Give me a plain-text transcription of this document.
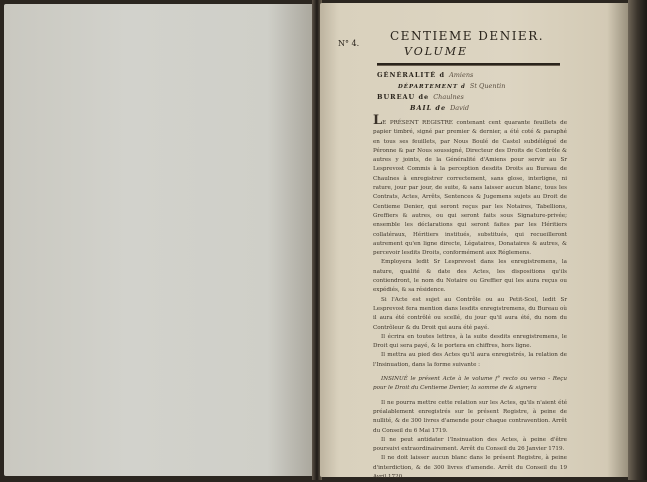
N° 4.
CENTIEME DENIER.
VOLUME
GÉNÉRALITÉ d Amiens
DÉPARTEMENT d St Quentin
BUREAU de Chaulnes
BAIL de David

LE PRÉSENT REGISTRE contenant cent quarante feuillets de papier timbré, signé par premier & dernier, a été coté & paraphé en tous ses feuillets, par Nous Boulé de Castel subdélégué de Péronne & par Nous soussigné, Directeur des Droits de Contrôle & autres y joints, de la Généralité d'Amiens pour servir au Sr Lesprevost Commis à la perception desdits Droits au Bureau de Chaulnes à enregistrer correctement, sans glose, interligne, ni rature, jour par jour, de suite, & sans laisser aucun blanc, tous les Contrats, Actes, Arrêts, Sentences & Jugemens sujets au Droit de Centieme Denier, qui seront reçus par les Notaires, Tabellions, Greffiers & autres, ou qui seront faits sous Signature-privée; ensemble les déclarations qui seront faites par les Héritiers collatéraux, Héritiers institués, substitués, qui recueilleront autrement qu'en ligne directe, Légataires, Donataires & autres, & percevoir lesdits Droits, conformément aux Réglemens.

Employera ledit Sr Lesprevost dans les enregistremens, la nature, qualité & date des Actes, les dispositions qu'ils contiendront, le nom du Notaire ou Greffier qui les aura reçus ou expédiés, & sa résidence.

Si l'Acte est sujet au Contrôle ou au Petit-Scel, ledit Sr Lesprevost fera mention dans lesdits enregistremens, du Bureau où il aura été contrôlé ou scellé, du jour qu'il aura été, du nom du Contrôleur & du Droit qui aura été payé.

Il écrira en toutes lettres, à la suite desdits enregistremens, le Droit qui sera payé, & le portera en chiffres, hors ligne.

Il mettra au pied des Actes qu'il aura enregistrés, la relation de l'Insinuation, dans la forme suivante :

INSINUÉ le présent Acte à le volume f° recto ou verso - Reçu pour le Droit du Centieme Denier, la somme de & signera

Il ne pourra mettre cette relation sur les Actes, qu'ils n'aient été préalablement enregistrés sur le présent Registre, à peine de nullité, & de 300 livres d'amende pour chaque contravention. Arrêt du Conseil du 6 Mai 1719.

Il ne peut antidater l'Insinuation des Actes, à peine d'être poursuivi extraordinairement. Arrêt du Conseil du 26 Janvier 1719.

Il ne doit laisser aucun blanc dans le présent Registre, à peine d'interdiction, & de 300 livres d'amende. Arrêt du Conseil du 19 Avril 1720.
